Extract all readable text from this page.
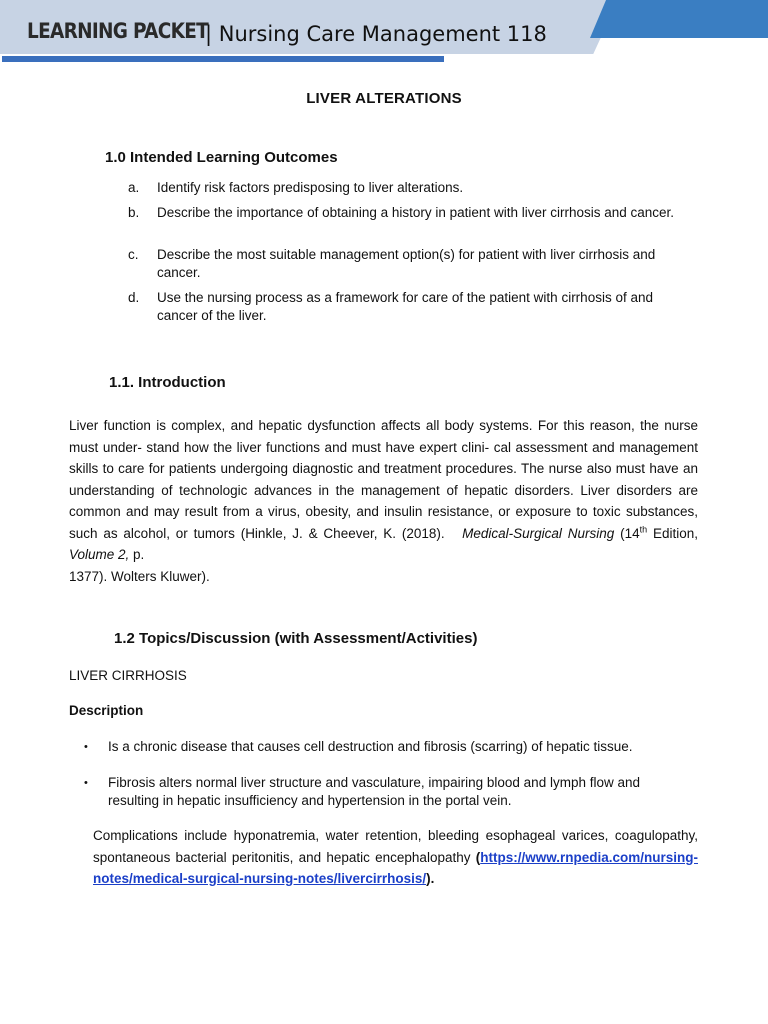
LEARNING PACKET
| Nursing Care Management 118
LIVER ALTERATIONS
1.0 Intended Learning Outcomes
a. Identify risk factors predisposing to liver alterations.
b. Describe the importance of obtaining a history in patient with liver cirrhosis and cancer.
c. Describe the most suitable management option(s) for patient with liver cirrhosis and cancer.
d. Use the nursing process as a framework for care of the patient with cirrhosis of and cancer of the liver.
1.1. Introduction
Liver function is complex, and hepatic dysfunction affects all body systems. For this reason, the nurse must under- stand how the liver functions and must have expert clini- cal assessment and management skills to care for patients undergoing diagnostic and treatment procedures. The nurse also must have an understanding of technologic advances in the management of hepatic disorders. Liver disorders are common and may result from a virus, obesity, and insulin resistance, or exposure to toxic substances, such as alcohol, or tumors (Hinkle, J. & Cheever, K. (2018). Medical-Surgical Nursing (14th Edition, Volume 2, p.
1377). Wolters Kluwer).
1.2 Topics/Discussion (with Assessment/Activities)
LIVER CIRRHOSIS
Description
• Is a chronic disease that causes cell destruction and fibrosis (scarring) of hepatic tissue.
• Fibrosis alters normal liver structure and vasculature, impairing blood and lymph flow and resulting in hepatic insufficiency and hypertension in the portal vein.
Complications include hyponatremia, water retention, bleeding esophageal varices, coagulopathy, spontaneous bacterial peritonitis, and hepatic encephalopathy (https://www.rnpedia.com/nursing-notes/medical-surgical-nursing-notes/livercirrhosis/).
